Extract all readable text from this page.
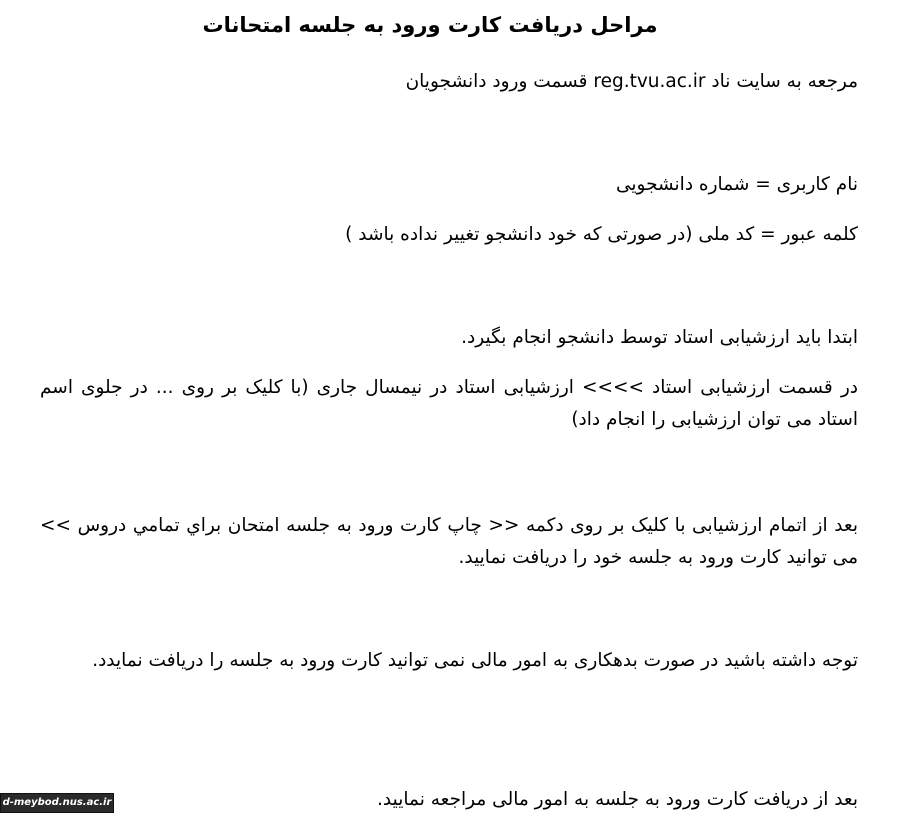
مراحل دریافت کارت ورود به جلسه امتحانات
مرجعه به سایت ناد reg.tvu.ac.ir قسمت ورود دانشجویان
نام کاربری = شماره دانشجویی
کلمه عبور = کد ملی (در صورتی که خود دانشجو تغییر نداده باشد )
ابتدا باید ارزشیابی استاد توسط دانشجو انجام بگیرد.
در قسمت ارزشیابی استاد >>>> ارزشیابی استاد در نیمسال جاری (با کلیک بر روی ... در جلوی اسم استاد می توان ارزشیابی را انجام داد)
بعد از اتمام ارزشیابی با کلیک بر روی دکمه << چاپ کارت ورود به جلسه امتحان براي تمامي دروس >> می توانید کارت ورود به جلسه خود را دریافت نمایید.
توجه داشته باشید در صورت بدهکاری به امور مالی نمی توانید کارت ورود به جلسه را دریافت نمایدد.
بعد از دریافت کارت ورود به جلسه به امور مالی مراجعه نمایید.
d-meybod.nus.ac.ir
